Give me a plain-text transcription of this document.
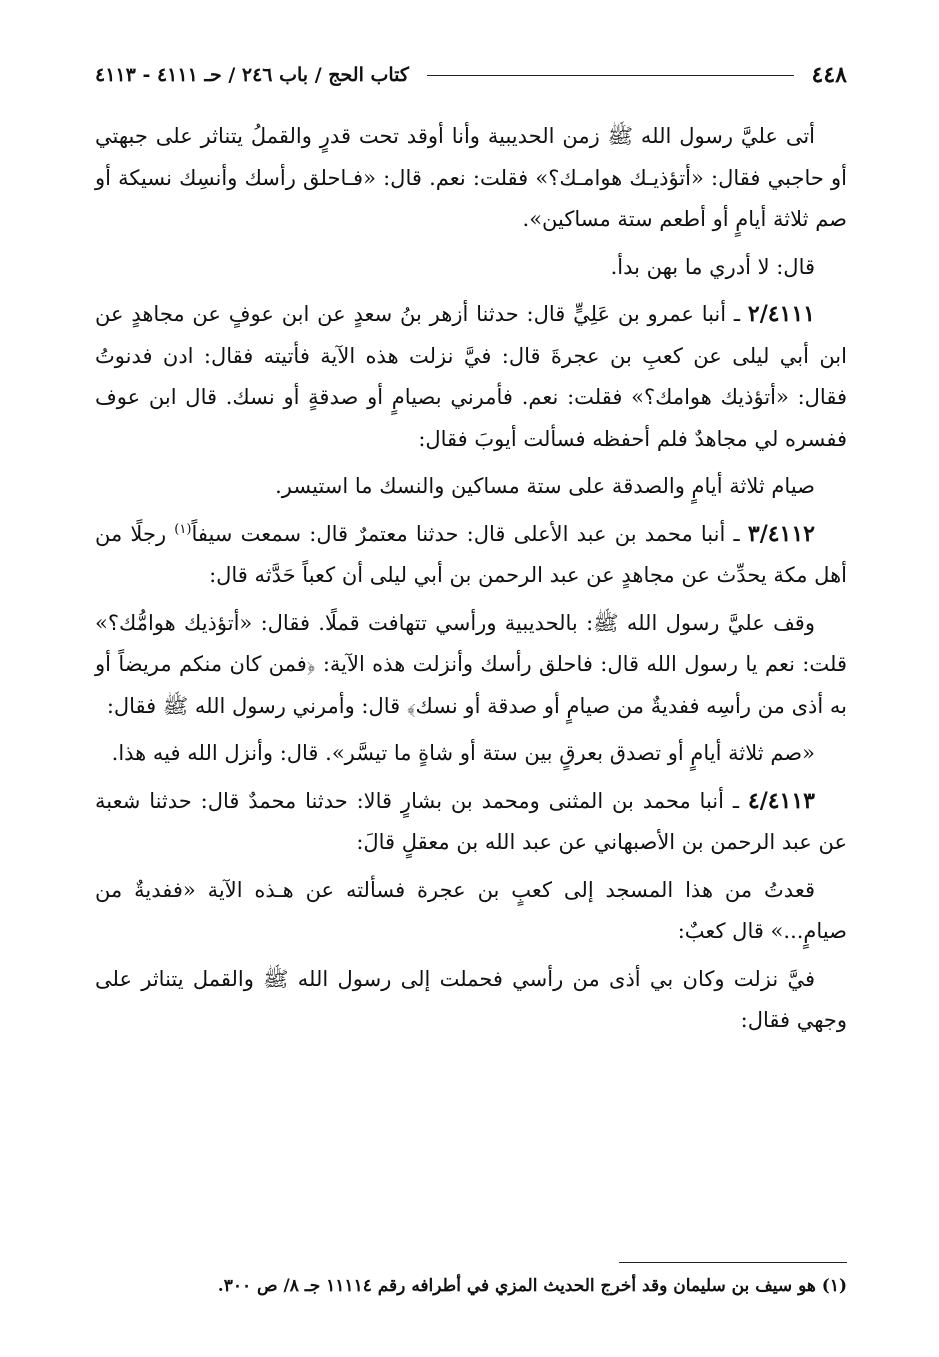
٤٤٨
كتاب الحج / باب ٢٤٦ / حـ ٤١١١ - ٤١١٣

أتى عليَّ رسول الله ﷺ زمن الحديبية وأنا أوقد تحت قدرٍ والقملُ يتناثر على جبهتي أو حاجبي فقال: «أتؤذيـك هوامـك؟» فقلت: نعم. قال: «فـاحلق رأسك وأنسِك نسيكة أو صم ثلاثة أيامٍ أو أطعم ستة مساكين».

قال: لا أدري ما بهن بدأ.

٢/٤١١١ ـ أنبا عمرو بن عَلِيٍّ قال: حدثنا أزهر بنُ سعدٍ عن ابن عوفٍ عن مجاهدٍ عن ابن أبي ليلى عن كعبِ بن عجرةَ قال: فيَّ نزلت هذه الآية فأتيته فقال: ادن فدنوتُ فقال: «أتؤذيك هوامك؟» فقلت: نعم. فأمرني بصيامٍ أو صدقةٍ أو نسك. قال ابن عوف ففسره لي مجاهدٌ فلم أحفظه فسألت أيوبَ فقال:

صيام ثلاثة أيامٍ والصدقة على ستة مساكين والنسك ما استيسر.

٣/٤١١٢ ـ أنبا محمد بن عبد الأعلى قال: حدثنا معتمرٌ قال: سمعت سيفاً$^{(١)}$ رجلًا من أهل مكة يحدِّث عن مجاهدٍ عن عبد الرحمن بن أبي ليلى أن كعباً حَدَّثه قال:

وقف عليَّ رسول الله ﷺ: بالحديبية ورأسي تتهافت قملًا. فقال: «أتؤذيك هوامُّك؟» قلت: نعم يا رسول الله قال: فاحلق رأسك وأنزلت هذه الآية: ﴿فمن كان منكم مريضاً أو به أذى من رأسِه ففديةٌ من صيامٍ أو صدقة أو نسك﴾ قال: وأمرني رسول الله ﷺ فقال:

«صم ثلاثة أيامٍ أو تصدق بعرقٍ بين ستة أو شاةٍ ما تيسَّر». قال: وأنزل الله فيه هذا.

٤/٤١١٣ ـ أنبا محمد بن المثنى ومحمد بن بشارٍ قالا: حدثنا محمدٌ قال: حدثنا شعبة عن عبد الرحمن بن الأصبهاني عن عبد الله بن معقلٍ قالَ:

قعدتُ من هذا المسجد إلى كعبٍ بن عجرة فسألته عن هـذه الآية «ففديةٌ من صيامٍ...» قال كعبٌ:

فيَّ نزلت وكان بي أذى من رأسي فحملت إلى رسول الله ﷺ والقمل يتناثر على وجهي فقال:

(١) هو سيف بن سليمان وقد أخرج الحديث المزي في أطرافه رقم ١١١١٤ جـ ٨/ ص ٣٠٠.
